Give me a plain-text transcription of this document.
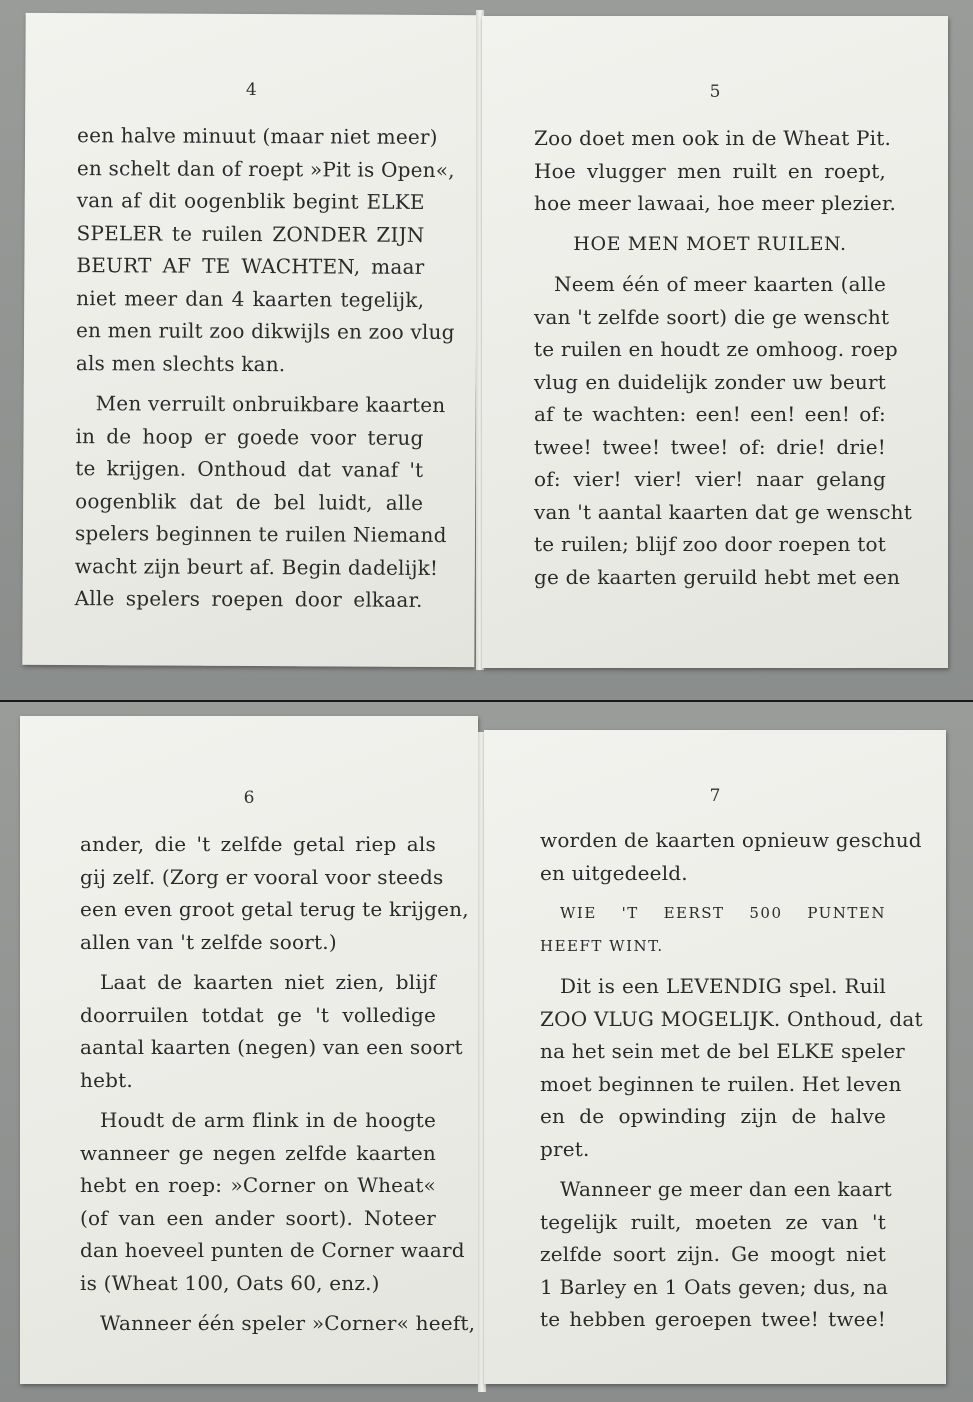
4
een halve minuut (maar niet meer)
en schelt dan of roept »Pit is Open«,
van af dit oogenblik begint ELKE
SPELER te ruilen ZONDER ZIJN
BEURT AF TE WACHTEN, maar
niet meer dan 4 kaarten tegelijk,
en men ruilt zoo dikwijls en zoo vlug
als men slechts kan.
Men verruilt onbruikbare kaarten
in de hoop er goede voor terug
te krijgen. Onthoud dat vanaf 't
oogenblik dat de bel luidt, alle
spelers beginnen te ruilen Niemand
wacht zijn beurt af. Begin dadelijk!
Alle spelers roepen door elkaar.
5
Zoo doet men ook in de Wheat Pit.
Hoe vlugger men ruilt en roept,
hoe meer lawaai, hoe meer plezier.
HOE MEN MOET RUILEN.
Neem één of meer kaarten (alle
van 't zelfde soort) die ge wenscht
te ruilen en houdt ze omhoog. roep
vlug en duidelijk zonder uw beurt
af te wachten: een! een! een! of:
twee! twee! twee! of: drie! drie!
of: vier! vier! vier! naar gelang
van 't aantal kaarten dat ge wenscht
te ruilen; blijf zoo door roepen tot
ge de kaarten geruild hebt met een
6
ander, die 't zelfde getal riep als
gij zelf. (Zorg er vooral voor steeds
een even groot getal terug te krijgen,
allen van 't zelfde soort.)
Laat de kaarten niet zien, blijf
doorruilen totdat ge 't volledige
aantal kaarten (negen) van een soort
hebt.
Houdt de arm flink in de hoogte
wanneer ge negen zelfde kaarten
hebt en roep: »Corner on Wheat«
(of van een ander soort). Noteer
dan hoeveel punten de Corner waard
is (Wheat 100, Oats 60, enz.)
Wanneer één speler »Corner« heeft,
7
worden de kaarten opnieuw geschud
en uitgedeeld.
WIE 'T EERST 500 PUNTEN
HEEFT WINT.
Dit is een LEVENDIG spel. Ruil
ZOO VLUG MOGELIJK. Onthoud, dat
na het sein met de bel ELKE speler
moet beginnen te ruilen. Het leven
en de opwinding zijn de halve
pret.
Wanneer ge meer dan een kaart
tegelijk ruilt, moeten ze van 't
zelfde soort zijn. Ge moogt niet
1 Barley en 1 Oats geven; dus, na
te hebben geroepen twee! twee!
